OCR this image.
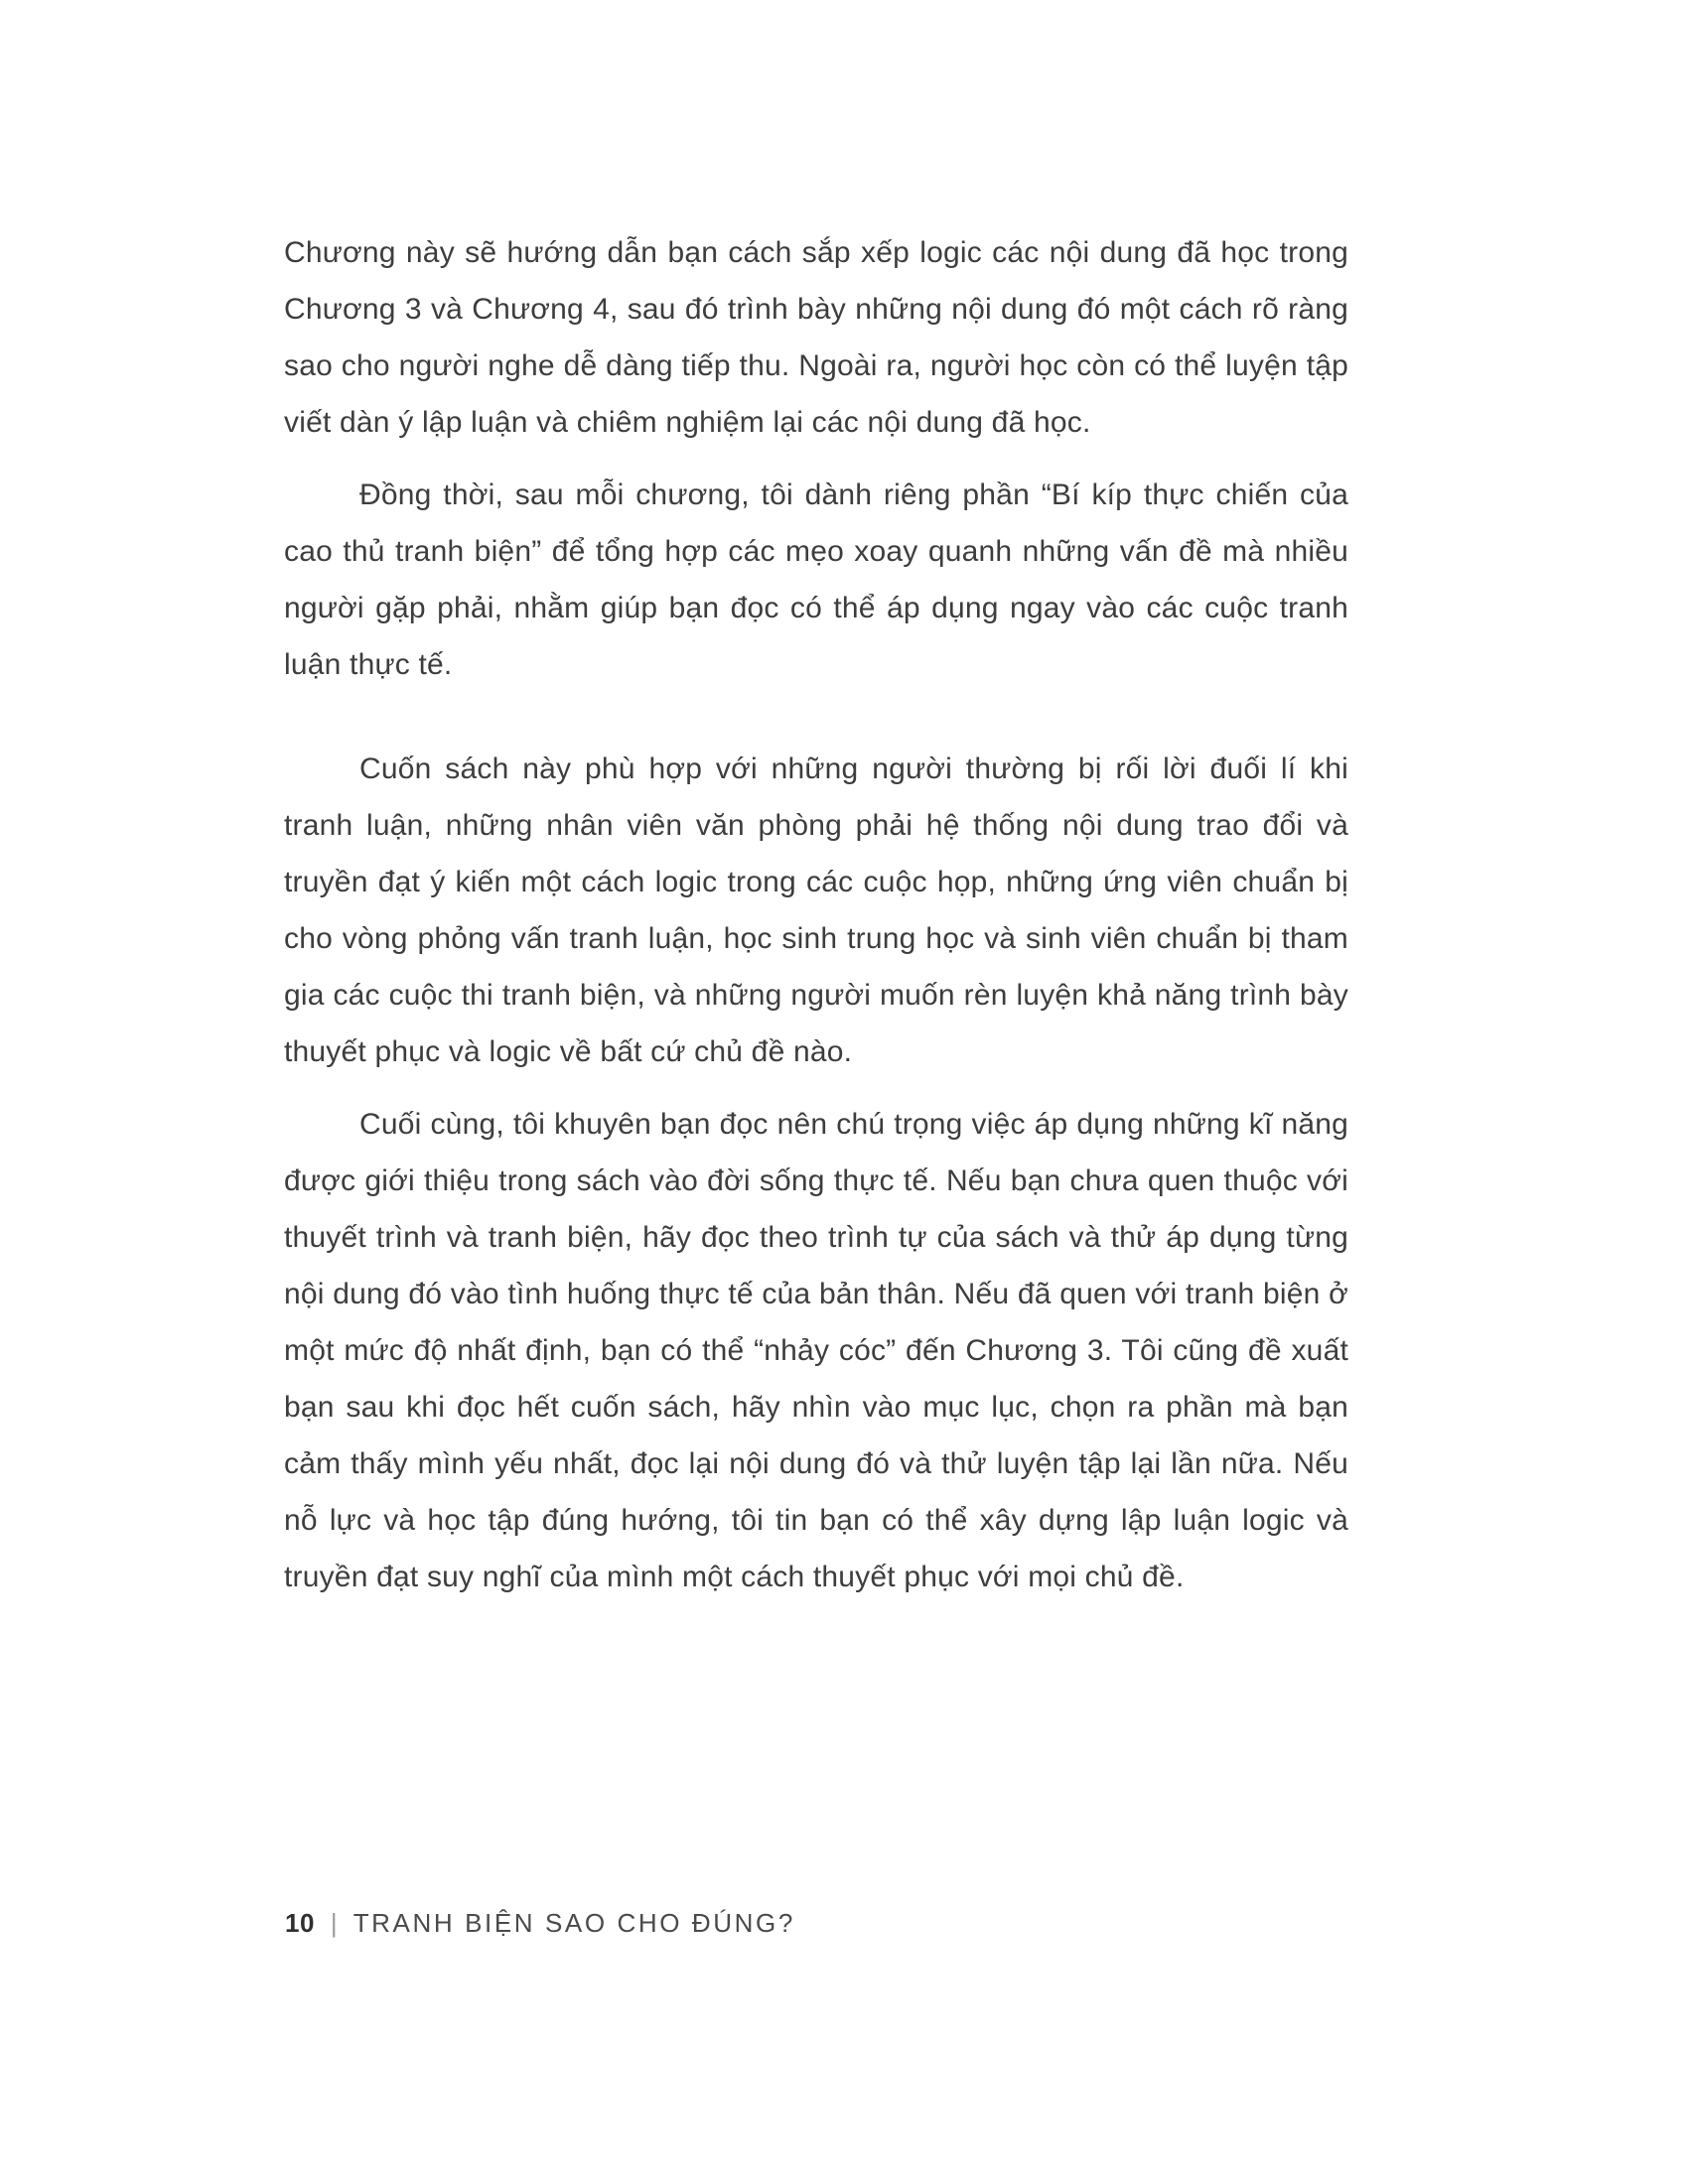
Chương này sẽ hướng dẫn bạn cách sắp xếp logic các nội dung đã học trong Chương 3 và Chương 4, sau đó trình bày những nội dung đó một cách rõ ràng sao cho người nghe dễ dàng tiếp thu. Ngoài ra, người học còn có thể luyện tập viết dàn ý lập luận và chiêm nghiệm lại các nội dung đã học.

Đồng thời, sau mỗi chương, tôi dành riêng phần “Bí kíp thực chiến của cao thủ tranh biện” để tổng hợp các mẹo xoay quanh những vấn đề mà nhiều người gặp phải, nhằm giúp bạn đọc có thể áp dụng ngay vào các cuộc tranh luận thực tế.

Cuốn sách này phù hợp với những người thường bị rối lời đuối lí khi tranh luận, những nhân viên văn phòng phải hệ thống nội dung trao đổi và truyền đạt ý kiến một cách logic trong các cuộc họp, những ứng viên chuẩn bị cho vòng phỏng vấn tranh luận, học sinh trung học và sinh viên chuẩn bị tham gia các cuộc thi tranh biện, và những người muốn rèn luyện khả năng trình bày thuyết phục và logic về bất cứ chủ đề nào.

Cuối cùng, tôi khuyên bạn đọc nên chú trọng việc áp dụng những kĩ năng được giới thiệu trong sách vào đời sống thực tế. Nếu bạn chưa quen thuộc với thuyết trình và tranh biện, hãy đọc theo trình tự của sách và thử áp dụng từng nội dung đó vào tình huống thực tế của bản thân. Nếu đã quen với tranh biện ở một mức độ nhất định, bạn có thể “nhảy cóc” đến Chương 3. Tôi cũng đề xuất bạn sau khi đọc hết cuốn sách, hãy nhìn vào mục lục, chọn ra phần mà bạn cảm thấy mình yếu nhất, đọc lại nội dung đó và thử luyện tập lại lần nữa. Nếu nỗ lực và học tập đúng hướng, tôi tin bạn có thể xây dựng lập luận logic và truyền đạt suy nghĩ của mình một cách thuyết phục với mọi chủ đề.

10 | TRANH BIỆN SAO CHO ĐÚNG?
